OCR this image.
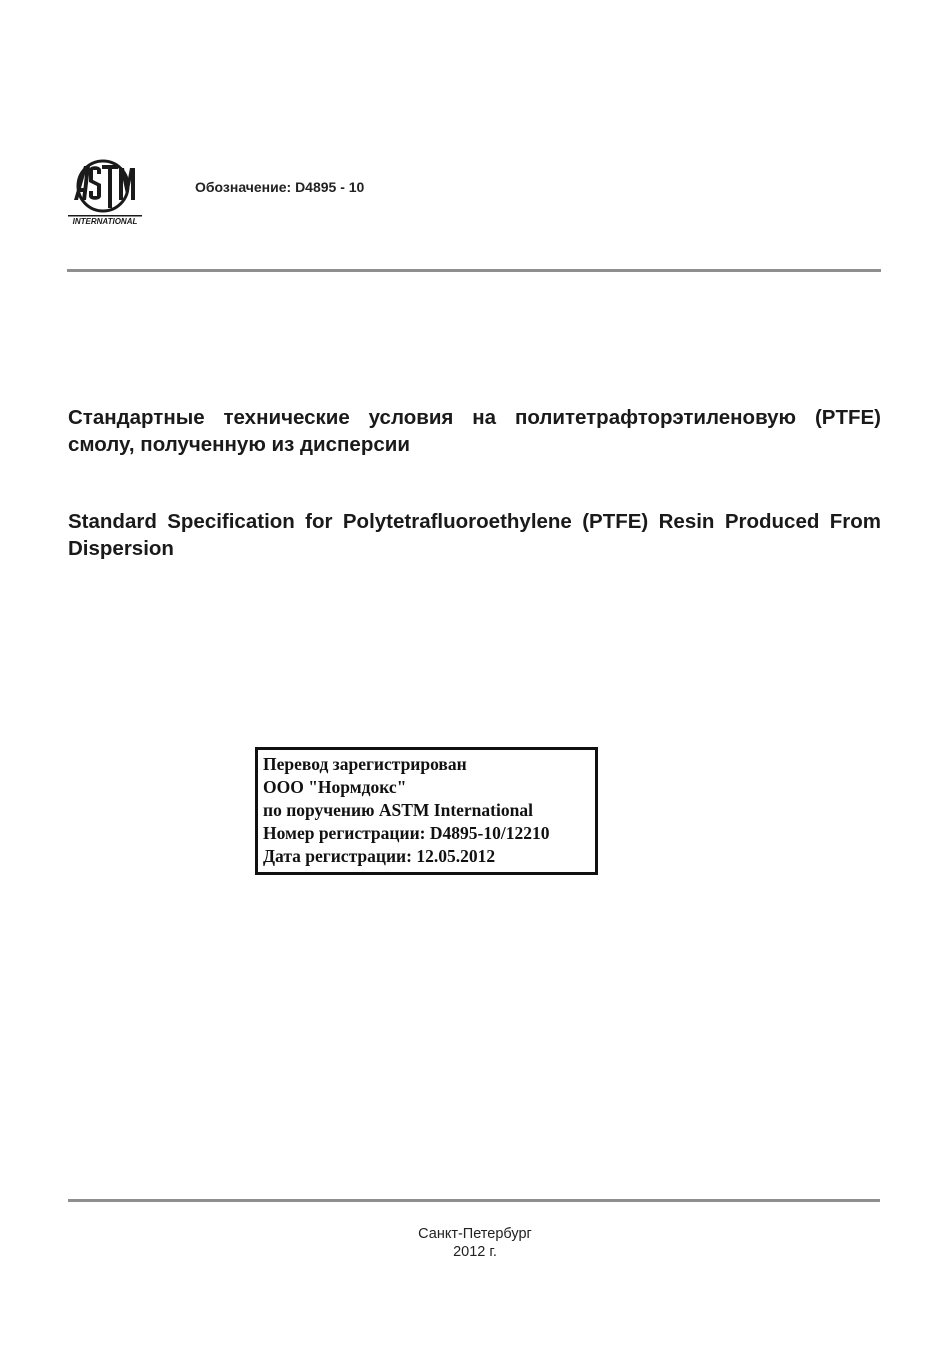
INTERNATIONAL
Обозначение: D4895 - 10
Стандартные технические условия на политетрафторэтиленовую (PTFE) смолу, полученную из дисперсии
Standard Specification for Polytetrafluoroethylene (PTFE) Resin Produced From Dispersion
Перевод зарегистрирован
ООО "Нормдокс"
по поручению ASTM International
Номер регистрации: D4895-10/12210
Дата регистрации: 12.05.2012
Санкт-Петербург
2012 г.
